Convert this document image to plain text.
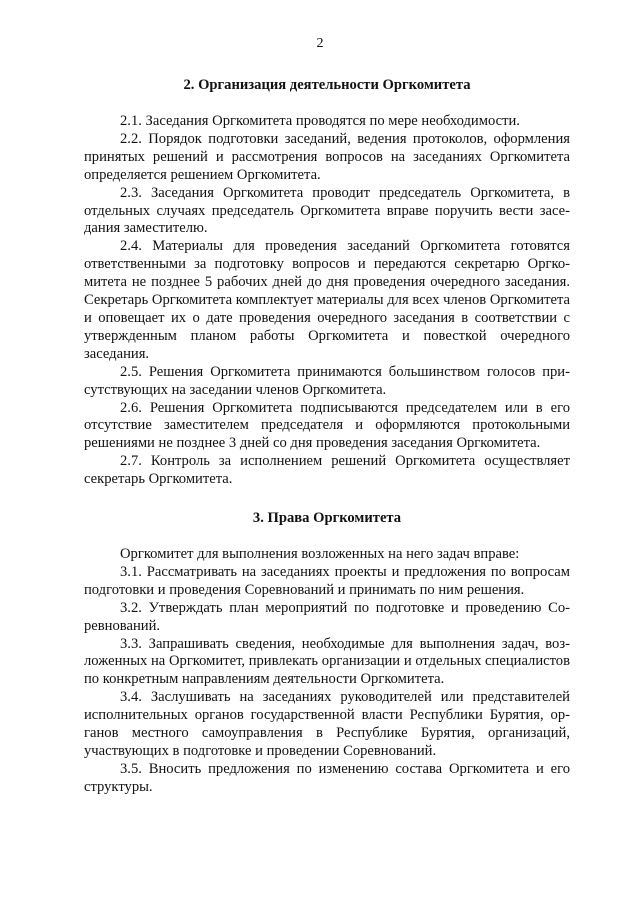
2
2. Организация деятельности Оргкомитета

2.1. Заседания Оргкомитета проводятся по мере необходимости.

2.2. Порядок подготовки заседаний, ведения протоколов, оформления принятых решений и рассмотрения вопросов на заседаниях Оргкомитета определяется решением Оргкомитета.

2.3. Заседания Оргкомитета проводит председатель Оргкомитета, в отдельных случаях председатель Оргкомитета вправе поручить вести заседания заместителю.

2.4. Материалы для проведения заседаний Оргкомитета готовятся ответственными за подготовку вопросов и передаются секретарю Оргкомитета не позднее 5 рабочих дней до дня проведения очередного заседания. Секретарь Оргкомитета комплектует материалы для всех членов Оргкомитета и оповещает их о дате проведения очередного заседания в соответствии с утвержденным планом работы Оргкомитета и повесткой очередного заседания.

2.5. Решения Оргкомитета принимаются большинством голосов присутствующих на заседании членов Оргкомитета.

2.6. Решения Оргкомитета подписываются председателем или в его отсутствие заместителем председателя и оформляются протокольными решениями не позднее 3 дней со дня проведения заседания Оргкомитета.

2.7. Контроль за исполнением решений Оргкомитета осуществляет секретарь Оргкомитета.

3. Права Оргкомитета

Оргкомитет для выполнения возложенных на него задач вправе:

3.1. Рассматривать на заседаниях проекты и предложения по вопросам подготовки и проведения Соревнований и принимать по ним решения.

3.2. Утверждать план мероприятий по подготовке и проведению Соревнований.

3.3. Запрашивать сведения, необходимые для выполнения задач, возложенных на Оргкомитет, привлекать организации и отдельных специалистов по конкретным направлениям деятельности Оргкомитета.

3.4. Заслушивать на заседаниях руководителей или представителей исполнительных органов государственной власти Республики Бурятия, органов местного самоуправления в Республике Бурятия, организаций, участвующих в подготовке и проведении Соревнований.

3.5. Вносить предложения по изменению состава Оргкомитета и его структуры.
